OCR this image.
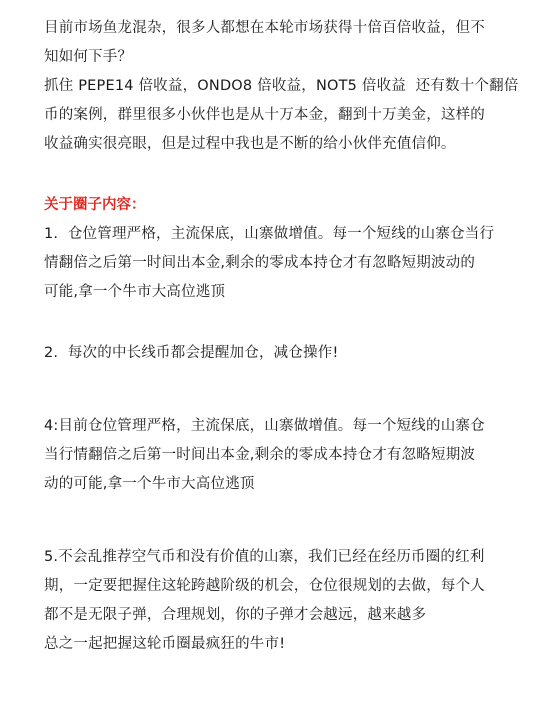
目前市场鱼龙混杂，很多人都想在本轮市场获得十倍百倍收益，但不

知如何下手？

抓住 PEPE14 倍收益，ONDO8 倍收益，NOT5 倍收益  还有数十个翻倍

币的案例，群里很多小伙伴也是从十万本金，翻到十万美金，这样的

收益确实很亮眼，但是过程中我也是不断的给小伙伴充值信仰。

关于圈子内容：

1.  仓位管理严格，主流保底，山寨做增值。每一个短线的山寨仓当行

情翻倍之后第一时间出本金,剩余的零成本持仓才有忽略短期波动的

可能,拿一个牛市大高位逃顶

2.  每次的中长线币都会提醒加仓，减仓操作!

4:目前仓位管理严格，主流保底，山寨做增值。每一个短线的山寨仓

当行情翻倍之后第一时间出本金,剩余的零成本持仓才有忽略短期波

动的可能,拿一个牛市大高位逃顶

5.不会乱推荐空气币和没有价值的山寨，我们已经在经历币圈的红利

期，一定要把握住这轮跨越阶级的机会，仓位很规划的去做，每个人

都不是无限子弹，合理规划，你的子弹才会越远，越来越多

总之一起把握这轮币圈最疯狂的牛市!
